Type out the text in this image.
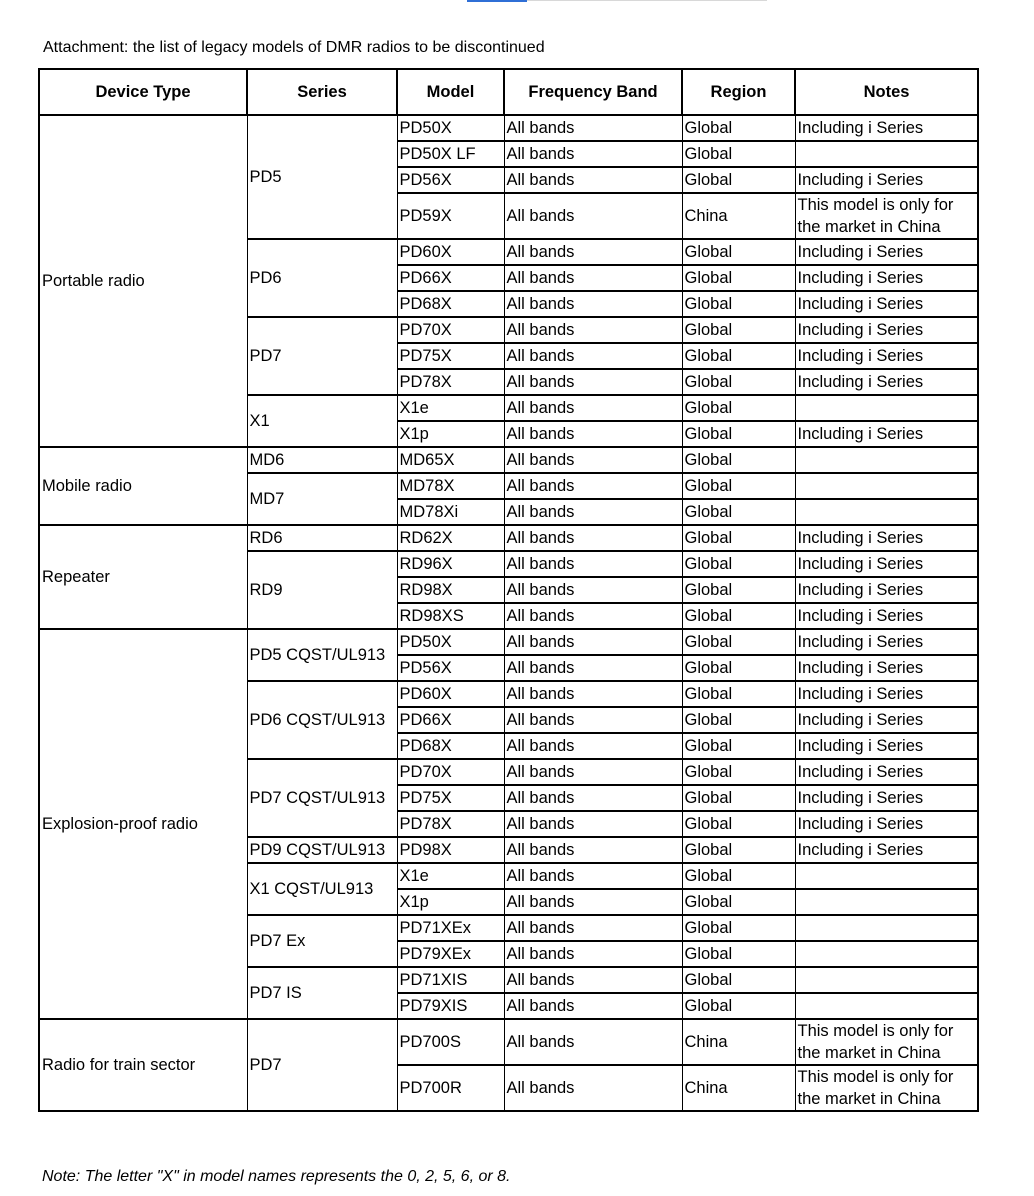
Attachment: the list of legacy models of DMR radios to be discontinued
Device Type	Series	Model	Frequency Band	Region	Notes
Portable radio	PD5	PD50X	All bands	Global	Including i Series
		PD50X LF	All bands	Global	
		PD56X	All bands	Global	Including i Series
		PD59X	All bands	China	This model is only for the market in China
	PD6	PD60X	All bands	Global	Including i Series
		PD66X	All bands	Global	Including i Series
		PD68X	All bands	Global	Including i Series
	PD7	PD70X	All bands	Global	Including i Series
		PD75X	All bands	Global	Including i Series
		PD78X	All bands	Global	Including i Series
	X1	X1e	All bands	Global	
		X1p	All bands	Global	Including i Series
Mobile radio	MD6	MD65X	All bands	Global	
	MD7	MD78X	All bands	Global	
		MD78Xi	All bands	Global	
Repeater	RD6	RD62X	All bands	Global	Including i Series
	RD9	RD96X	All bands	Global	Including i Series
		RD98X	All bands	Global	Including i Series
		RD98XS	All bands	Global	Including i Series
Explosion-proof radio	PD5 CQST/UL913	PD50X	All bands	Global	Including i Series
		PD56X	All bands	Global	Including i Series
	PD6 CQST/UL913	PD60X	All bands	Global	Including i Series
		PD66X	All bands	Global	Including i Series
		PD68X	All bands	Global	Including i Series
	PD7 CQST/UL913	PD70X	All bands	Global	Including i Series
		PD75X	All bands	Global	Including i Series
		PD78X	All bands	Global	Including i Series
	PD9 CQST/UL913	PD98X	All bands	Global	Including i Series
	X1 CQST/UL913	X1e	All bands	Global	
		X1p	All bands	Global	
	PD7 Ex	PD71XEx	All bands	Global	
		PD79XEx	All bands	Global	
	PD7 IS	PD71XIS	All bands	Global	
		PD79XIS	All bands	Global	
Radio for train sector	PD7	PD700S	All bands	China	This model is only for the market in China
		PD700R	All bands	China	This model is only for the market in China
Note: The letter "X" in model names represents the 0, 2, 5, 6, or 8.
